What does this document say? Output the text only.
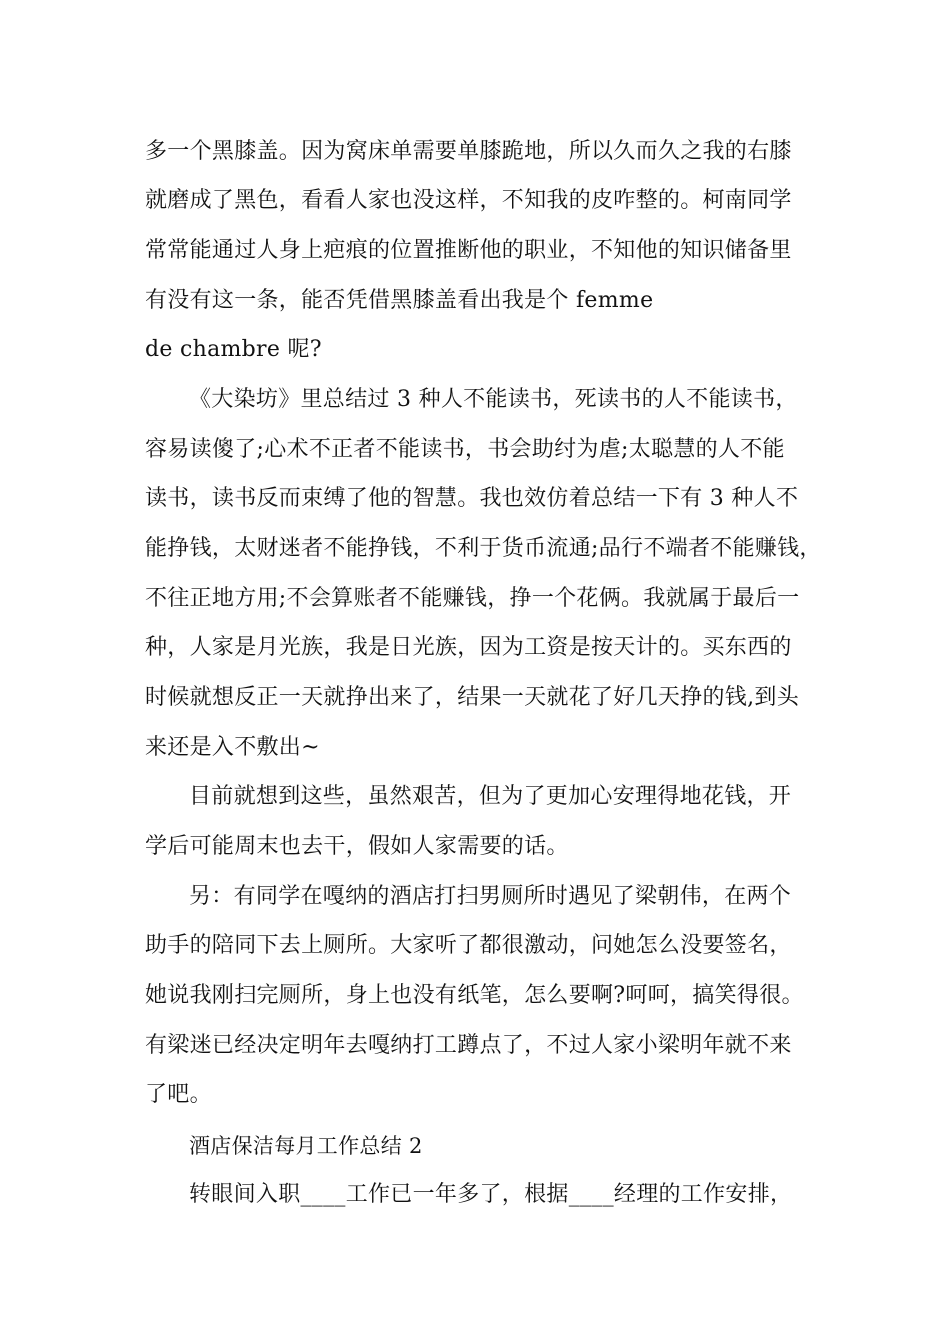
多一个黑膝盖。因为窝床单需要单膝跪地，所以久而久之我的右膝
就磨成了黑色，看看人家也没这样，不知我的皮咋整的。柯南同学
常常能通过人身上疤痕的位置推断他的职业，不知他的知识储备里
有没有这一条，能否凭借黑膝盖看出我是个 femme
de chambre 呢?
《大染坊》里总结过 3 种人不能读书，死读书的人不能读书，
容易读傻了;心术不正者不能读书，书会助纣为虐;太聪慧的人不能
读书，读书反而束缚了他的智慧。我也效仿着总结一下有 3 种人不
能挣钱，太财迷者不能挣钱，不利于货币流通;品行不端者不能赚钱，
不往正地方用;不会算账者不能赚钱，挣一个花俩。我就属于最后一
种，人家是月光族，我是日光族，因为工资是按天计的。买东西的
时候就想反正一天就挣出来了，结果一天就花了好几天挣的钱,到头
来还是入不敷出~
目前就想到这些，虽然艰苦，但为了更加心安理得地花钱，开
学后可能周末也去干，假如人家需要的话。
另：有同学在嘎纳的酒店打扫男厕所时遇见了梁朝伟，在两个
助手的陪同下去上厕所。大家听了都很激动，问她怎么没要签名，
她说我刚扫完厕所，身上也没有纸笔，怎么要啊?呵呵，搞笑得很。
有梁迷已经决定明年去嘎纳打工蹲点了，不过人家小梁明年就不来
了吧。
酒店保洁每月工作总结 2
转眼间入职____工作已一年多了，根据____经理的工作安排，
